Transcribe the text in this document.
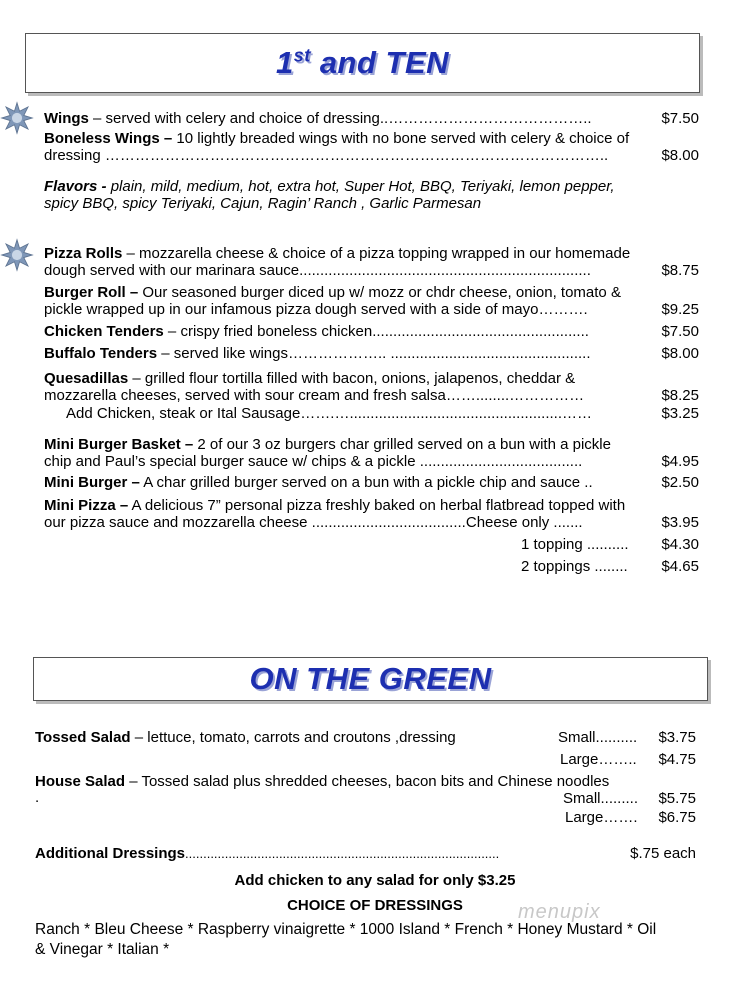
1st and TEN
Wings – served with celery and choice of dressing..…………………………………..	$7.50
Boneless Wings – 10 lightly breaded wings with no bone served with celery & choice of
dressing ………………………………………………………………………………………..	$8.00
Flavors - plain, mild, medium, hot, extra hot, Super Hot, BBQ, Teriyaki, lemon pepper,
spicy BBQ, spicy Teriyaki, Cajun, Ragin’ Ranch , Garlic Parmesan
Pizza Rolls – mozzarella cheese & choice of a pizza topping wrapped in our homemade
dough served with our marinara sauce......................................................................	$8.75
Burger Roll – Our seasoned burger diced up w/ mozz or chdr cheese, onion, tomato &
pickle wrapped up in our infamous pizza dough served with a side of mayo……….	$9.25
Chicken Tenders – crispy fried boneless chicken....................................................	$7.50
Buffalo Tenders – served like wings……………….. ................................................	$8.00
Quesadillas – grilled flour tortilla filled with bacon, onions, jalapenos, cheddar &
mozzarella cheeses, served with sour cream and fresh salsa……........……………	$8.25
Add Chicken, steak or Ital Sausage…….…...................................................……	$3.25
Mini Burger Basket – 2 of our 3 oz burgers char grilled served on a bun with a pickle
chip and Paul’s special burger sauce w/ chips & a pickle .......................................	$4.95
Mini Burger – A char grilled burger served on a bun with a pickle chip and sauce ..	$2.50
Mini Pizza – A delicious 7” personal pizza freshly baked on herbal flatbread topped with
our pizza sauce and mozzarella cheese .....................................Cheese only .......	$3.95
1 topping .......... $4.30
2 toppings ........ $4.65
ON THE GREEN
Tossed Salad – lettuce, tomato, carrots and croutons ,dressing	Small.......... $3.75
Large…….. $4.75
House Salad – Tossed salad plus shredded cheeses, bacon bits and Chinese noodles
.	Small......... $5.75
Large……. $6.75
Additional Dressings.......................................................................................	$.75 each
Add chicken to any salad for only $3.25
CHOICE OF DRESSINGS	menupix
Ranch * Bleu Cheese * Raspberry vinaigrette * 1000 Island * French * Honey Mustard * Oil
& Vinegar * Italian *
